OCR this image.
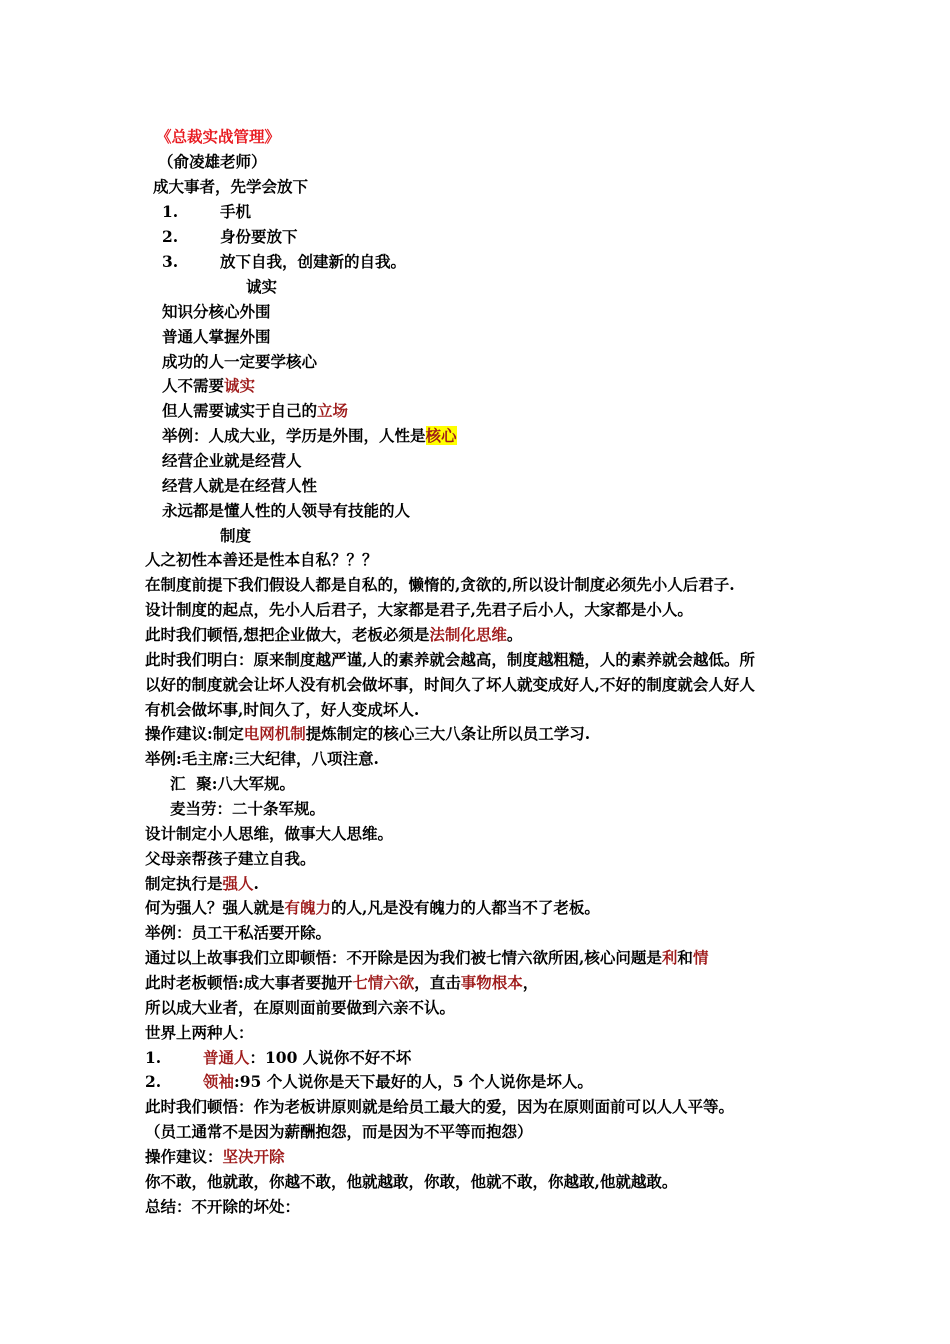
《总裁实战管理》
（俞凌雄老师）
成大事者，先学会放下
1.	手机
2.	身份要放下
3.	放下自我，创建新的自我。
诚实
知识分核心外围
普通人掌握外围
成功的人一定要学核心
人不需要诚实
但人需要诚实于自己的立场
举例：人成大业，学历是外围，人性是核心
经营企业就是经营人
经营人就是在经营人性
永远都是懂人性的人领导有技能的人
制度
人之初性本善还是性本自私？？？
在制度前提下我们假设人都是自私的，懒惰的,贪欲的,所以设计制度必须先小人后君子.
设计制度的起点，先小人后君子，大家都是君子,先君子后小人，大家都是小人。
此时我们顿悟,想把企业做大，老板必须是法制化思维。
此时我们明白：原来制度越严谨,人的素养就会越高，制度越粗糙，人的素养就会越低。所
以好的制度就会让坏人没有机会做坏事，时间久了坏人就变成好人,不好的制度就会人好人
有机会做坏事,时间久了，好人变成坏人.
操作建议:制定电网机制提炼制定的核心三大八条让所以员工学习.
举例:毛主席:三大纪律，八项注意.
汇  聚:八大军规。
麦当劳：二十条军规。
设计制定小人思维，做事大人思维。
父母亲帮孩子建立自我。
制定执行是强人.
何为强人？强人就是有魄力的人,凡是没有魄力的人都当不了老板。
举例：员工干私活要开除。
通过以上故事我们立即顿悟：不开除是因为我们被七情六欲所困,核心问题是利和情
此时老板顿悟:成大事者要抛开七情六欲，直击事物根本，
所以成大业者，在原则面前要做到六亲不认。
世界上两种人：
1.	普通人：100 人说你不好不坏
2.	领袖:95 个人说你是天下最好的人，5 个人说你是坏人。
此时我们顿悟：作为老板讲原则就是给员工最大的爱，因为在原则面前可以人人平等。
（员工通常不是因为薪酬抱怨，而是因为不平等而抱怨）
操作建议：坚决开除
你不敢，他就敢，你越不敢，他就越敢，你敢，他就不敢，你越敢,他就越敢。
总结：不开除的坏处：
